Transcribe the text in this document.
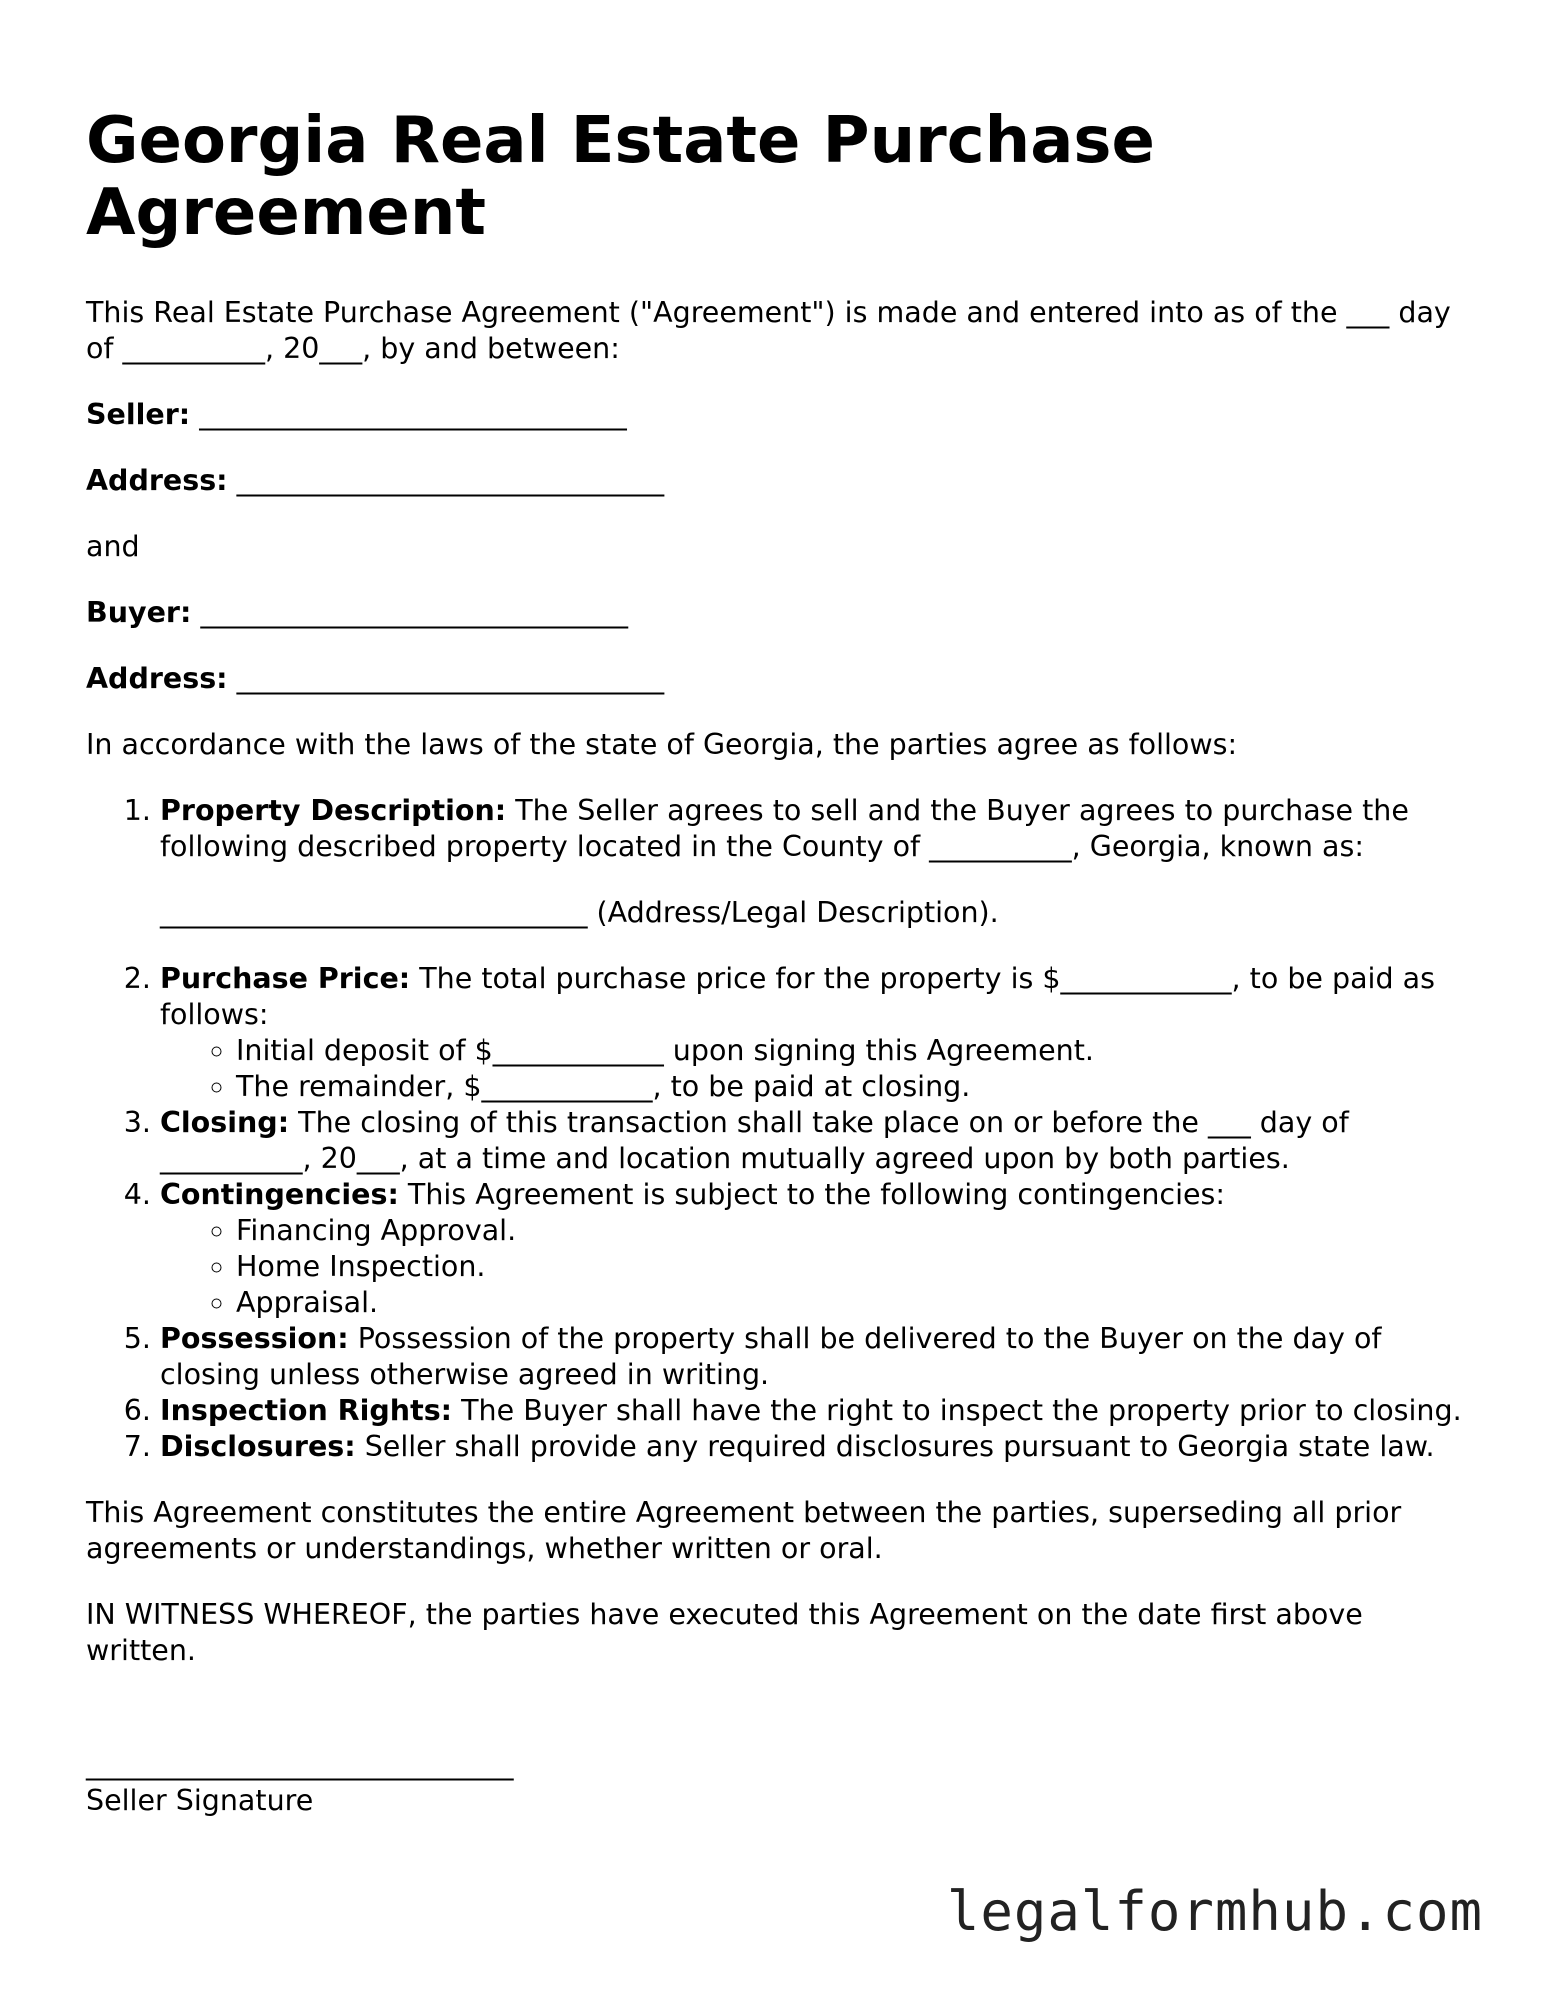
Georgia Real Estate Purchase Agreement

This Real Estate Purchase Agreement ("Agreement") is made and entered into as of the ___ day of __________, 20___, by and between:

Seller: ______________________________

Address: ______________________________

and

Buyer: ______________________________

Address: ______________________________

In accordance with the laws of the state of Georgia, the parties agree as follows:

1. Property Description: The Seller agrees to sell and the Buyer agrees to purchase the following described property located in the County of __________, Georgia, known as:

______________________________ (Address/Legal Description).

2. Purchase Price: The total purchase price for the property is $____________, to be paid as follows:
◦ Initial deposit of $____________ upon signing this Agreement.
◦ The remainder, $____________, to be paid at closing.
3. Closing: The closing of this transaction shall take place on or before the ___ day of __________, 20___, at a time and location mutually agreed upon by both parties.
4. Contingencies: This Agreement is subject to the following contingencies:
◦ Financing Approval.
◦ Home Inspection.
◦ Appraisal.
5. Possession: Possession of the property shall be delivered to the Buyer on the day of closing unless otherwise agreed in writing.
6. Inspection Rights: The Buyer shall have the right to inspect the property prior to closing.
7. Disclosures: Seller shall provide any required disclosures pursuant to Georgia state law.

This Agreement constitutes the entire Agreement between the parties, superseding all prior agreements or understandings, whether written or oral.

IN WITNESS WHEREOF, the parties have executed this Agreement on the date first above written.

______________________________
Seller Signature
legalformhub.com
